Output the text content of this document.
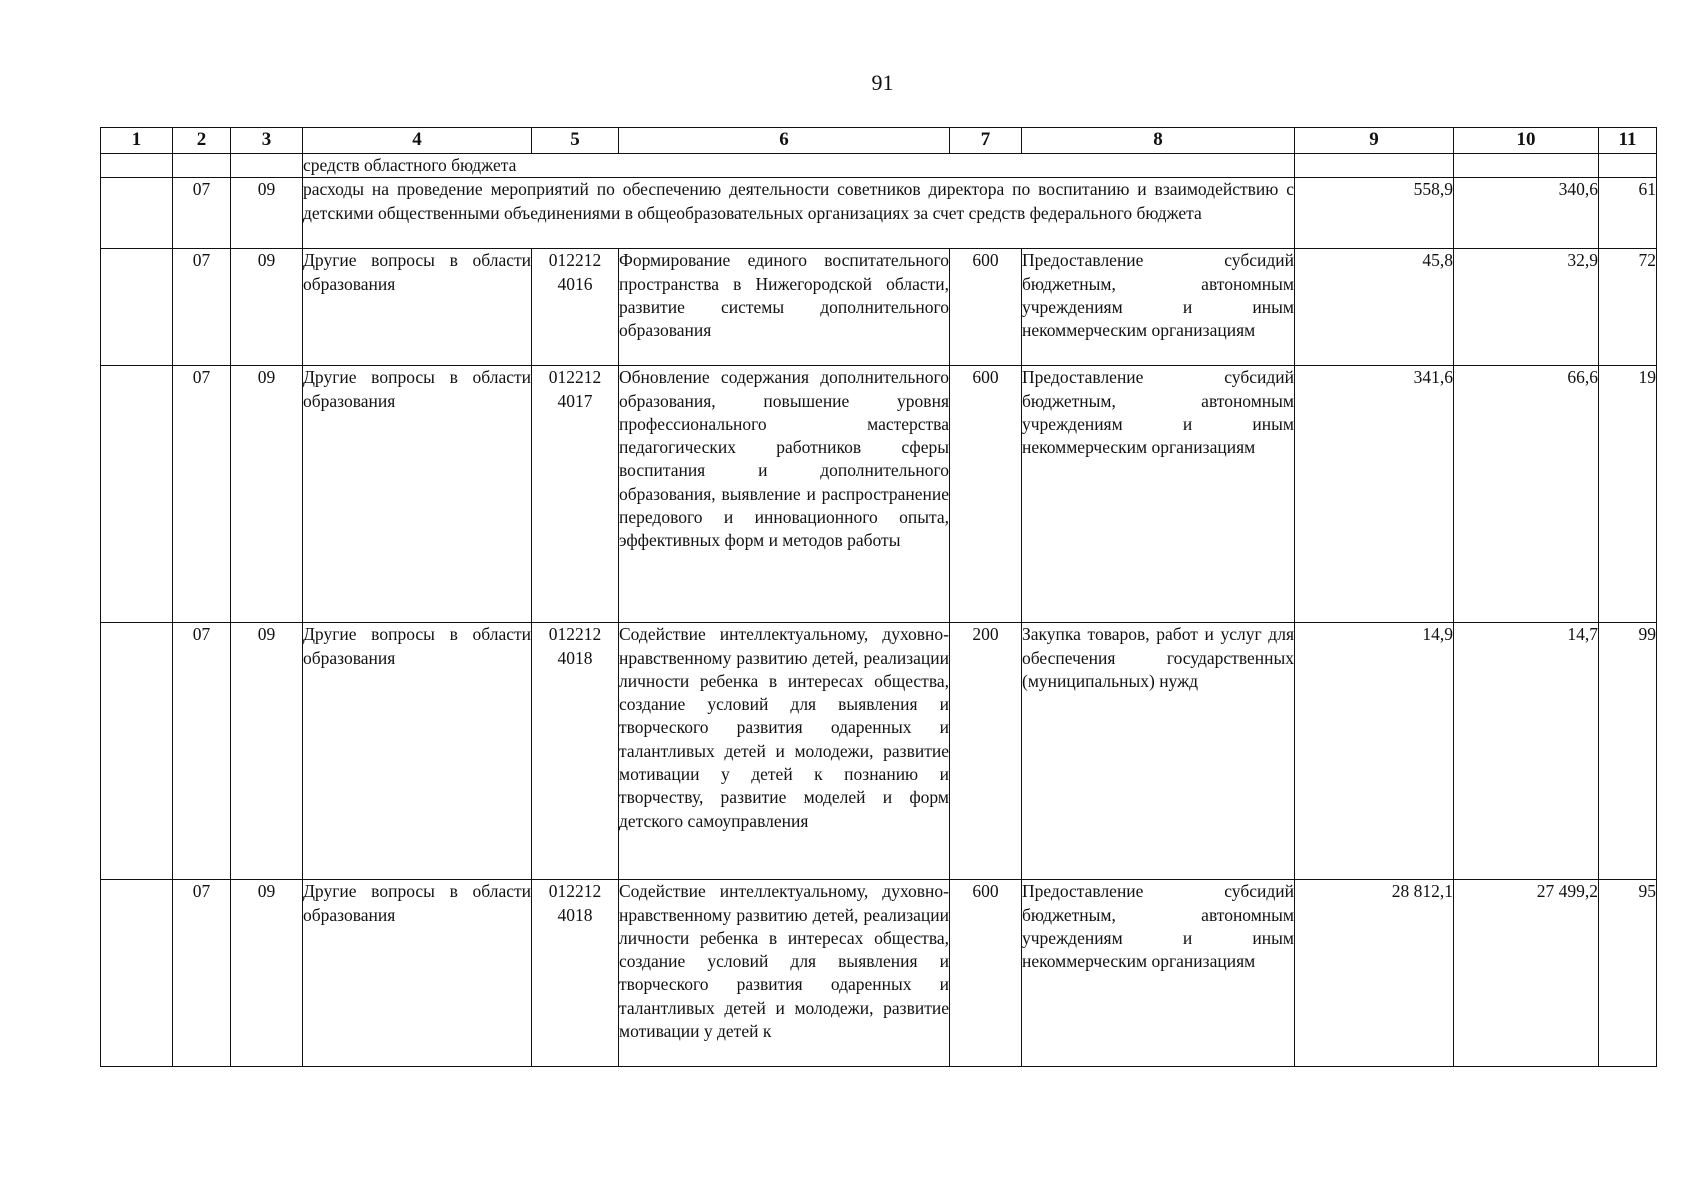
91
1	2	3	4	5	6	7	8	9	10	11
			средств областного бюджета							
	07	09	расходы на проведение мероприятий по обеспечению деятельности советников директора по воспитанию и взаимодействию с детскими общественными объединениями в общеобразовательных организациях за счет средств федерального бюджета					558,9	340,6	61
	07	09	Другие вопросы в области образования	012212 4016	Формирование единого воспитательного пространства в Нижегородской области, развитие системы дополнительного образования	600	Предоставление субсидий бюджетным, автономным учреждениям и иным некоммерческим организациям	45,8	32,9	72
	07	09	Другие вопросы в области образования	012212 4017	Обновление содержания дополнительного образования, повышение уровня профессионального мастерства педагогических работников сферы воспитания и дополнительного образования, выявление и распространение передового и инновационного опыта, эффективных форм и методов работы	600	Предоставление субсидий бюджетным, автономным учреждениям и иным некоммерческим организациям	341,6	66,6	19
	07	09	Другие вопросы в области образования	012212 4018	Содействие интеллектуальному, духовно-нравственному развитию детей, реализации личности ребенка в интересах общества, создание условий для выявления и творческого развития одаренных и талантливых детей и молодежи, развитие мотивации у детей к познанию и творчеству, развитие моделей и форм детского самоуправления	200	Закупка товаров, работ и услуг для обеспечения государственных (муниципальных) нужд	14,9	14,7	99
	07	09	Другие вопросы в области образования	012212 4018	Содействие интеллектуальному, духовно-нравственному развитию детей, реализации личности ребенка в интересах общества, создание условий для выявления и творческого развития одаренных и талантливых детей и молодежи, развитие мотивации у детей к	600	Предоставление субсидий бюджетным, автономным учреждениям и иным некоммерческим организациям	28 812,1	27 499,2	95
